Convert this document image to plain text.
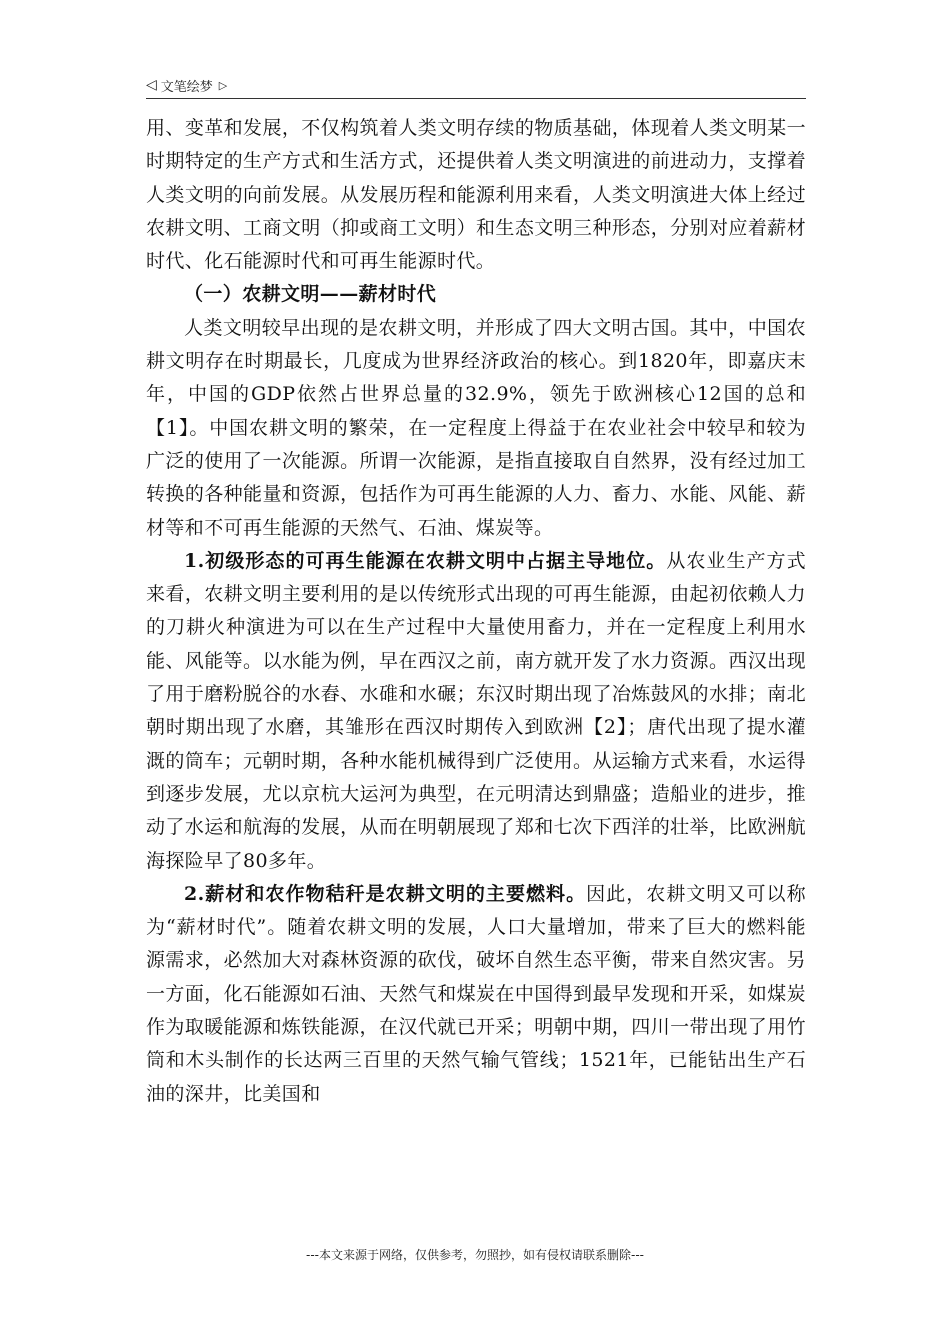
◁ 文笔绘梦 ▷

用、变革和发展，不仅构筑着人类文明存续的物质基础，体现着人类文明某一时期特定的生产方式和生活方式，还提供着人类文明演进的前进动力，支撑着人类文明的向前发展。从发展历程和能源利用来看，人类文明演进大体上经过农耕文明、工商文明（抑或商工文明）和生态文明三种形态，分别对应着薪材时代、化石能源时代和可再生能源时代。

（一）农耕文明——薪材时代

人类文明较早出现的是农耕文明，并形成了四大文明古国。其中，中国农耕文明存在时期最长，几度成为世界经济政治的核心。到1820年，即嘉庆末年，中国的GDP依然占世界总量的32.9%，领先于欧洲核心12国的总和【1】。中国农耕文明的繁荣，在一定程度上得益于在农业社会中较早和较为广泛的使用了一次能源。所谓一次能源，是指直接取自自然界，没有经过加工转换的各种能量和资源，包括作为可再生能源的人力、畜力、水能、风能、薪材等和不可再生能源的天然气、石油、煤炭等。

1.初级形态的可再生能源在农耕文明中占据主导地位。从农业生产方式来看，农耕文明主要利用的是以传统形式出现的可再生能源，由起初依赖人力的刀耕火种演进为可以在生产过程中大量使用畜力，并在一定程度上利用水能、风能等。以水能为例，早在西汉之前，南方就开发了水力资源。西汉出现了用于磨粉脱谷的水舂、水碓和水碾；东汉时期出现了冶炼鼓风的水排；南北朝时期出现了水磨，其雏形在西汉时期传入到欧洲【2】；唐代出现了提水灌溉的筒车；元朝时期，各种水能机械得到广泛使用。从运输方式来看，水运得到逐步发展，尤以京杭大运河为典型，在元明清达到鼎盛；造船业的进步，推动了水运和航海的发展，从而在明朝展现了郑和七次下西洋的壮举，比欧洲航海探险早了80多年。

2.薪材和农作物秸秆是农耕文明的主要燃料。因此，农耕文明又可以称为“薪材时代”。随着农耕文明的发展，人口大量增加，带来了巨大的燃料能源需求，必然加大对森林资源的砍伐，破坏自然生态平衡，带来自然灾害。另一方面，化石能源如石油、天然气和煤炭在中国得到最早发现和开采，如煤炭作为取暖能源和炼铁能源，在汉代就已开采；明朝中期，四川一带出现了用竹筒和木头制作的长达两三百里的天然气输气管线；1521年，已能钻出生产石油的深井，比美国和

---本文来源于网络，仅供参考，勿照抄，如有侵权请联系删除---
